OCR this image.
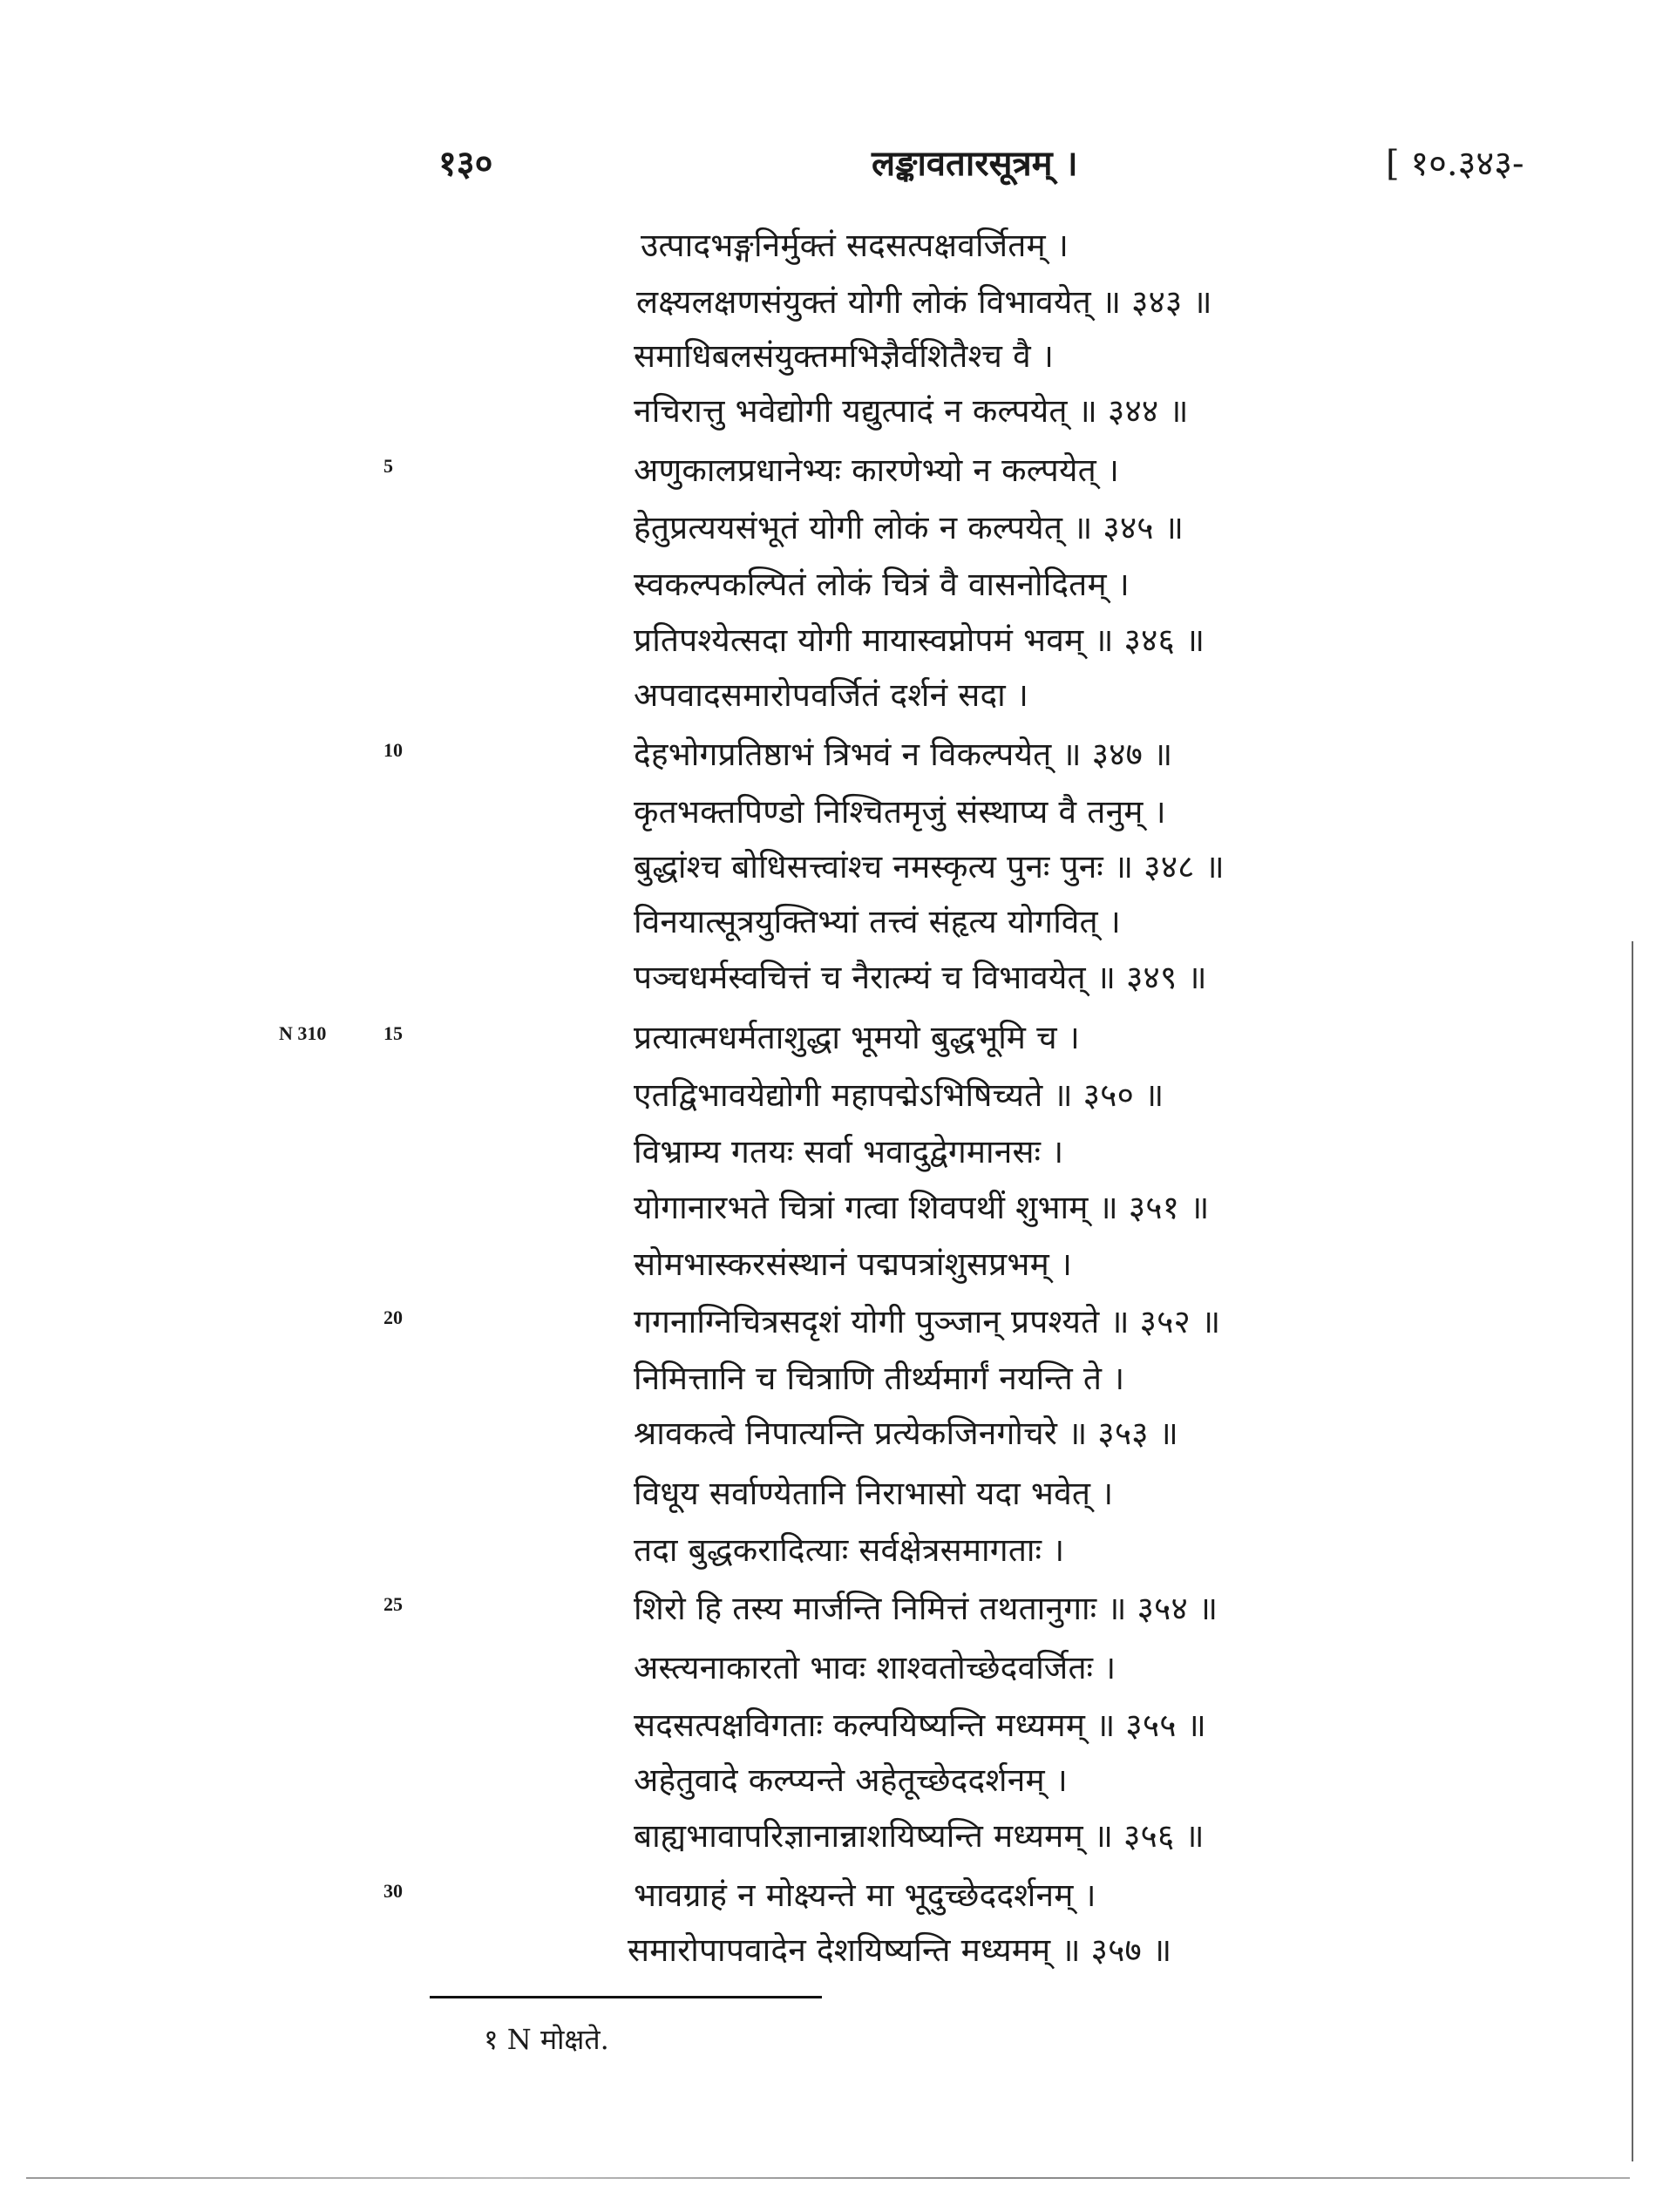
१३०	लङ्कावतारसूत्रम् ।	[ १०.३४३-
उत्पादभङ्गनिर्मुक्तं सदसत्पक्षवर्जितम् ।
लक्ष्यलक्षणसंयुक्तं योगी लोकं विभावयेत् ॥ ३४३ ॥
समाधिबलसंयुक्तमभिज्ञैर्वशितैश्च वै ।
नचिरात्तु भवेद्योगी यद्युत्पादं न कल्पयेत् ॥ ३४४ ॥
5	अणुकालप्रधानेभ्यः कारणेभ्यो न कल्पयेत् ।
हेतुप्रत्ययसंभूतं योगी लोकं न कल्पयेत् ॥ ३४५ ॥
स्वकल्पकल्पितं लोकं चित्रं वै वासनोदितम् ।
प्रतिपश्येत्सदा योगी मायास्वप्नोपमं भवम् ॥ ३४६ ॥
अपवादसमारोपवर्जितं दर्शनं सदा ।
10	देहभोगप्रतिष्ठाभं त्रिभवं न विकल्पयेत् ॥ ३४७ ॥
कृतभक्तपिण्डो निश्चितमृजुं संस्थाप्य वै तनुम् ।
बुद्धांश्च बोधिसत्त्वांश्च नमस्कृत्य पुनः पुनः ॥ ३४८ ॥
विनयात्सूत्रयुक्तिभ्यां तत्त्वं संहृत्य योगवित् ।
पञ्चधर्मस्वचित्तं च नैरात्म्यं च विभावयेत् ॥ ३४९ ॥
N 310	15	प्रत्यात्मधर्मताशुद्धा भूमयो बुद्धभूमि च ।
एतद्विभावयेद्योगी महापद्मेऽभिषिच्यते ॥ ३५० ॥
विभ्राम्य गतयः सर्वा भवादुद्वेगमानसः ।
योगानारभते चित्रां गत्वा शिवपथीं शुभाम् ॥ ३५१ ॥
सोमभास्करसंस्थानं पद्मपत्रांशुसप्रभम् ।
20	गगनाग्निचित्रसदृशं योगी पुञ्जान् प्रपश्यते ॥ ३५२ ॥
निमित्तानि च चित्राणि तीर्थ्यमार्गं नयन्ति ते ।
श्रावकत्वे निपात्यन्ति प्रत्येकजिनगोचरे ॥ ३५३ ॥
विधूय सर्वाण्येतानि निराभासो यदा भवेत् ।
तदा बुद्धकरादित्याः सर्वक्षेत्रसमागताः ।
25	शिरो हि तस्य मार्जन्ति निमित्तं तथतानुगाः ॥ ३५४ ॥
अस्त्यनाकारतो भावः शाश्वतोच्छेदवर्जितः ।
सदसत्पक्षविगताः कल्पयिष्यन्ति मध्यमम् ॥ ३५५ ॥
अहेतुवादे कल्प्यन्ते अहेतूच्छेददर्शनम् ।
बाह्यभावापरिज्ञानान्नाशयिष्यन्ति मध्यमम् ॥ ३५६ ॥
30	भावग्राहं न मोक्ष्यन्ते मा भूदुच्छेददर्शनम् ।
समारोपापवादेन देशयिष्यन्ति मध्यमम् ॥ ३५७ ॥
१ N मोक्षते.
